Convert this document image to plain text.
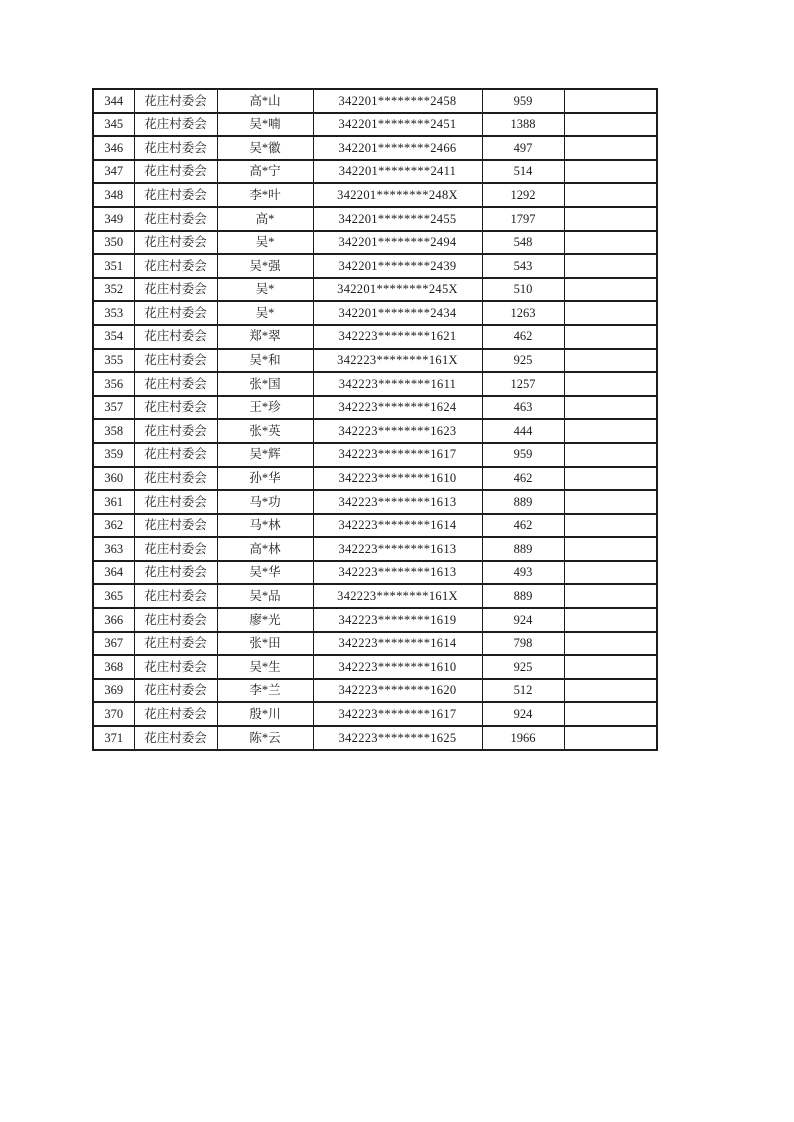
344	花庄村委会	高*山	342201********2458	959	
345	花庄村委会	吴*喃	342201********2451	1388	
346	花庄村委会	吴*徽	342201********2466	497	
347	花庄村委会	高*宁	342201********2411	514	
348	花庄村委会	李*叶	342201********248X	1292	
349	花庄村委会	高*	342201********2455	1797	
350	花庄村委会	吴*	342201********2494	548	
351	花庄村委会	吴*强	342201********2439	543	
352	花庄村委会	吴*	342201********245X	510	
353	花庄村委会	吴*	342201********2434	1263	
354	花庄村委会	郑*翠	342223********1621	462	
355	花庄村委会	吴*和	342223********161X	925	
356	花庄村委会	张*国	342223********1611	1257	
357	花庄村委会	王*珍	342223********1624	463	
358	花庄村委会	张*英	342223********1623	444	
359	花庄村委会	吴*辉	342223********1617	959	
360	花庄村委会	孙*华	342223********1610	462	
361	花庄村委会	马*功	342223********1613	889	
362	花庄村委会	马*林	342223********1614	462	
363	花庄村委会	高*林	342223********1613	889	
364	花庄村委会	吴*华	342223********1613	493	
365	花庄村委会	吴*品	342223********161X	889	
366	花庄村委会	廖*光	342223********1619	924	
367	花庄村委会	张*田	342223********1614	798	
368	花庄村委会	吴*生	342223********1610	925	
369	花庄村委会	李*兰	342223********1620	512	
370	花庄村委会	殷*川	342223********1617	924	
371	花庄村委会	陈*云	342223********1625	1966	
